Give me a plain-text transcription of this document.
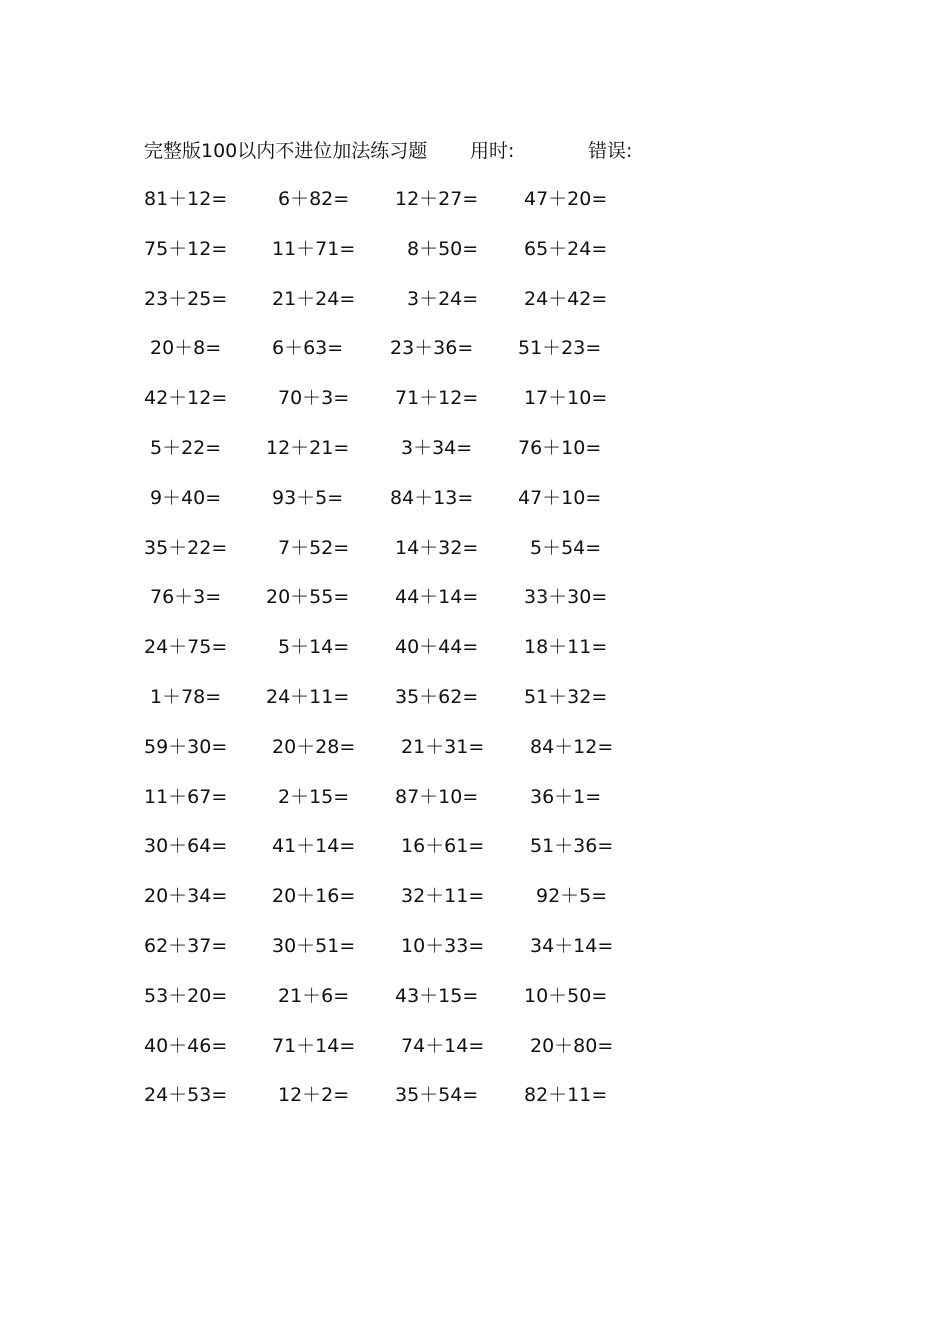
完整版100以内不进位加法练习题 用时:	错误:
81＋12=	6＋82= 12＋27= 47＋20=
75＋12= 11＋71=	8＋50= 65＋24=
23＋25= 21＋24=	3＋24= 24＋42=
20＋8=	6＋63= 23＋36= 51＋23=
42＋12=	70＋3= 71＋12= 17＋10=
5＋22= 12＋21=	3＋34= 76＋10=
9＋40=	93＋5= 84＋13= 47＋10=
35＋22=	7＋52= 14＋32=	5＋54=
76＋3= 20＋55= 44＋14= 33＋30=
24＋75=	5＋14= 40＋44= 18＋11=
1＋78= 24＋11= 35＋62= 51＋32=
59＋30= 20＋28= 21＋31= 84＋12=
11＋67=	2＋15= 87＋10=	36＋1=
30＋64= 41＋14= 16＋61= 51＋36=
20＋34= 20＋16= 32＋11=	92＋5=
62＋37= 30＋51= 10＋33= 34＋14=
53＋20=	21＋6= 43＋15= 10＋50=
40＋46= 71＋14= 74＋14= 20＋80=
24＋53=	12＋2= 35＋54= 82＋11=
